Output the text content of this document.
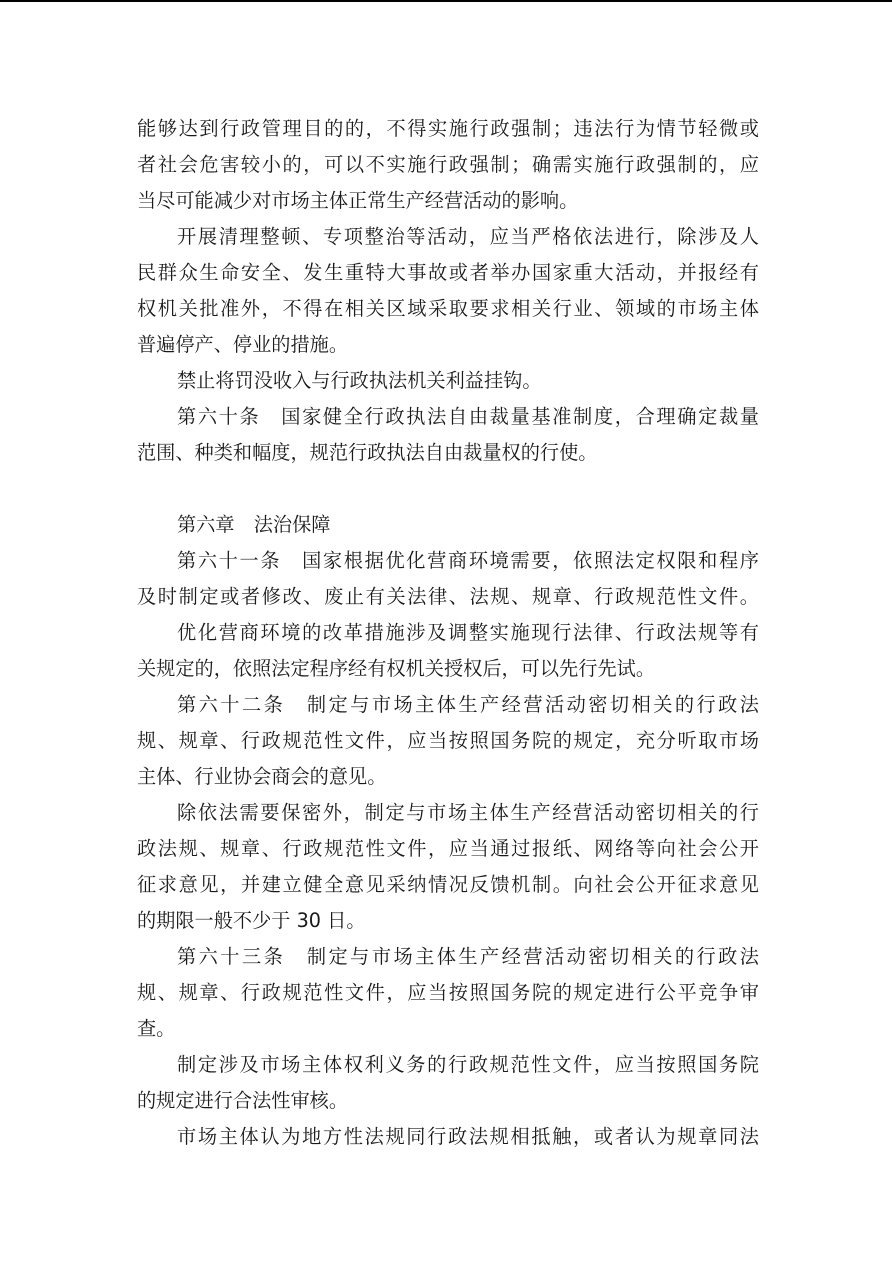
能够达到行政管理目的的，不得实施行政强制；违法行为情节轻微或
者社会危害较小的，可以不实施行政强制；确需实施行政强制的，应
当尽可能减少对市场主体正常生产经营活动的影响。
开展清理整顿、专项整治等活动，应当严格依法进行，除涉及人
民群众生命安全、发生重特大事故或者举办国家重大活动，并报经有
权机关批准外，不得在相关区域采取要求相关行业、领域的市场主体
普遍停产、停业的措施。
禁止将罚没收入与行政执法机关利益挂钩。
第六十条　国家健全行政执法自由裁量基准制度，合理确定裁量
范围、种类和幅度，规范行政执法自由裁量权的行使。
第六章　法治保障
第六十一条　国家根据优化营商环境需要，依照法定权限和程序
及时制定或者修改、废止有关法律、法规、规章、行政规范性文件。
优化营商环境的改革措施涉及调整实施现行法律、行政法规等有
关规定的，依照法定程序经有权机关授权后，可以先行先试。
第六十二条　制定与市场主体生产经营活动密切相关的行政法
规、规章、行政规范性文件，应当按照国务院的规定，充分听取市场
主体、行业协会商会的意见。
除依法需要保密外，制定与市场主体生产经营活动密切相关的行
政法规、规章、行政规范性文件，应当通过报纸、网络等向社会公开
征求意见，并建立健全意见采纳情况反馈机制。向社会公开征求意见
的期限一般不少于 30 日。
第六十三条　制定与市场主体生产经营活动密切相关的行政法
规、规章、行政规范性文件，应当按照国务院的规定进行公平竞争审
查。
制定涉及市场主体权利义务的行政规范性文件，应当按照国务院
的规定进行合法性审核。
市场主体认为地方性法规同行政法规相抵触，或者认为规章同法
